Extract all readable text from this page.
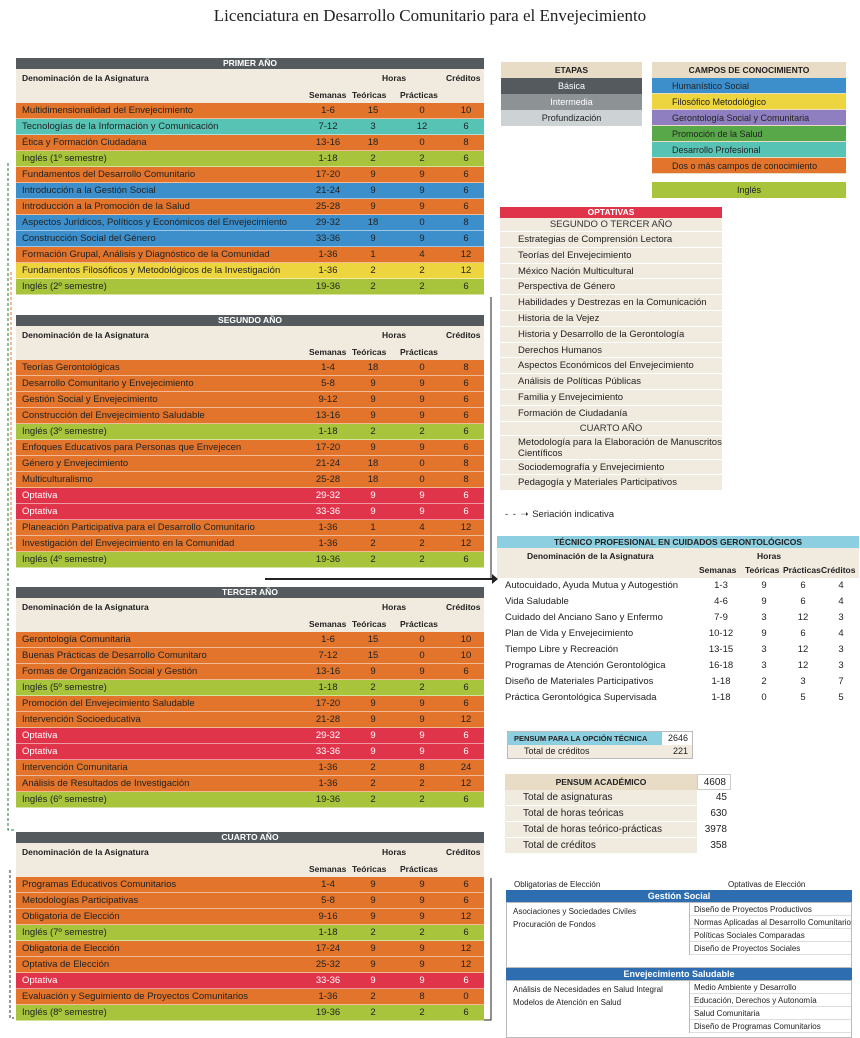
Licenciatura en Desarrollo Comunitario para el Envejecimiento
PRIMER AÑO
Denominación de la Asignatura	Horas	Créditos
Semanas Teóricas Prácticas
Multidimensionalidad del Envejecimiento	1-6	15	0	10
Tecnologías de la Información y Comunicación	7-12	3	12	6
Ética y Formación Ciudadana	13-16	18	0	8
Inglés (1º semestre)	1-18	2	2	6
Fundamentos del Desarrollo Comunitario	17-20	9	9	6
Introducción a la Gestión Social	21-24	9	9	6
Introducción a la Promoción de la Salud	25-28	9	9	6
Aspectos Jurídicos, Políticos y Económicos del Envejecimiento	29-32	18	0	8
Construcción Social del Género	33-36	9	9	6
Formación Grupal, Análisis y Diagnóstico de la Comunidad	1-36	1	4	12
Fundamentos Filosóficos y Metodológicos de la Investigación	1-36	2	2	12
Inglés (2º semestre)	19-36	2	2	6
SEGUNDO AÑO
Denominación de la Asignatura	Horas	Créditos
Semanas Teóricas Prácticas
Teorías Gerontológicas	1-4	18	0	8
Desarrollo Comunitario y Envejecimiento	5-8	9	9	6
Gestión Social y Envejecimiento	9-12	9	9	6
Construcción del Envejecimiento Saludable	13-16	9	9	6
Inglés (3º semestre)	1-18	2	2	6
Enfoques Educativos para Personas que Envejecen	17-20	9	9	6
Género y Envejecimiento	21-24	18	0	8
Multiculturalismo	25-28	18	0	8
Optativa	29-32	9	9	6
Optativa	33-36	9	9	6
Planeación Participativa para el Desarrollo Comunitario	1-36	1	4	12
Investigación del Envejecimiento en la Comunidad	1-36	2	2	12
Inglés (4º semestre)	19-36	2	2	6
TERCER AÑO
Denominación de la Asignatura	Horas	Créditos
Semanas Teóricas Prácticas
Gerontología Comunitaria	1-6	15	0	10
Buenas Prácticas de Desarrollo Comunitaro	7-12	15	0	10
Formas de Organización Social y Gestión	13-16	9	9	6
Inglés (5º semestre)	1-18	2	2	6
Promoción del Envejecimiento Saludable	17-20	9	9	6
Intervención Socioeducativa	21-28	9	9	12
Optativa	29-32	9	9	6
Optativa	33-36	9	9	6
Intervención Comunitaria	1-36	2	8	24
Análisis de Resultados de Investigación	1-36	2	2	12
Inglés (6º semestre)	19-36	2	2	6
CUARTO AÑO
Denominación de la Asignatura	Horas	Créditos
Semanas Teóricas Prácticas
Programas Educativos Comunitarios	1-4	9	9	6
Metodologías Participativas	5-8	9	9	6
Obligatoria de Elección	9-16	9	9	12
Inglés (7º semestre)	1-18	2	2	6
Obligatoria de Elección	17-24	9	9	12
Optativa de Elección	25-32	9	9	12
Optativa	33-36	9	9	6
Evaluación y Seguimiento de Proyectos Comunitarios	1-36	2	8	0
Inglés (8º semestre)	19-36	2	2	6
ETAPAS
Básica
Intermedia
Profundización
CAMPOS DE CONOCIMIENTO
Humanístico Social
Filosófico Metodológico
Gerontología Social y Comunitaria
Promoción de la Salud
Desarrollo Profesional
Dos o más campos de conocimiento
Inglés
OPTATIVAS
SEGUNDO O TERCER AÑO
Estrategias de Comprensión Lectora
Teorías del Envejecimiento
México Nación Multicultural
Perspectiva de Género
Habilidades y Destrezas en la Comunicación
Historia de la Vejez
Historia y Desarrollo de la Gerontología
Derechos Humanos
Aspectos Económicos del Envejecimiento
Análisis de Políticas Públicas
Familia y Envejecimiento
Formación de Ciudadanía
CUARTO AÑO
Metodología para la Elaboración de Manuscritos Científicos
Sociodemografía y Envejecimiento
Pedagogía y Materiales Participativos
- - ➝ Seriación indicativa
TÉCNICO PROFESIONAL EN CUIDADOS GERONTOLÓGICOS
Denominación de la Asignatura	Horas
Semanas Teóricas Prácticas Créditos
Autocuidado, Ayuda Mutua y Autogestión	1-3	9	6	4
Vida Saludable	4-6	9	6	4
Cuidado del Anciano Sano y Enfermo	7-9	3	12	3
Plan de Vida y Envejecimiento	10-12	9	6	4
Tiempo Libre y Recreación	13-15	3	12	3
Programas de Atención Gerontológica	16-18	3	12	3
Diseño de Materiales Participativos	1-18	2	3	7
Práctica Gerontológica Supervisada	1-18	0	5	5
PENSUM PARA LA OPCIÓN TÉCNICA	2646
Total de créditos	221
PENSUM ACADÉMICO	4608
Total de asignaturas	45
Total de horas teóricas	630
Total de horas teórico-prácticas	3978
Total de créditos	358
Obligatorias de Elección	Optativas de Elección
Gestión Social
Asociaciones y Sociedades Civiles
Procuración de Fondos
Diseño de Proyectos Productivos
Normas Aplicadas al Desarrollo Comunitario
Políticas Sociales Comparadas
Diseño de Proyectos Sociales
Envejecimiento Saludable
Análisis de Necesidades en Salud Integral
Modelos de Atención en Salud
Medio Ambiente y Desarrollo
Educación, Derechos y Autonomía
Salud Comunitaria
Diseño de Programas Comunitarios
